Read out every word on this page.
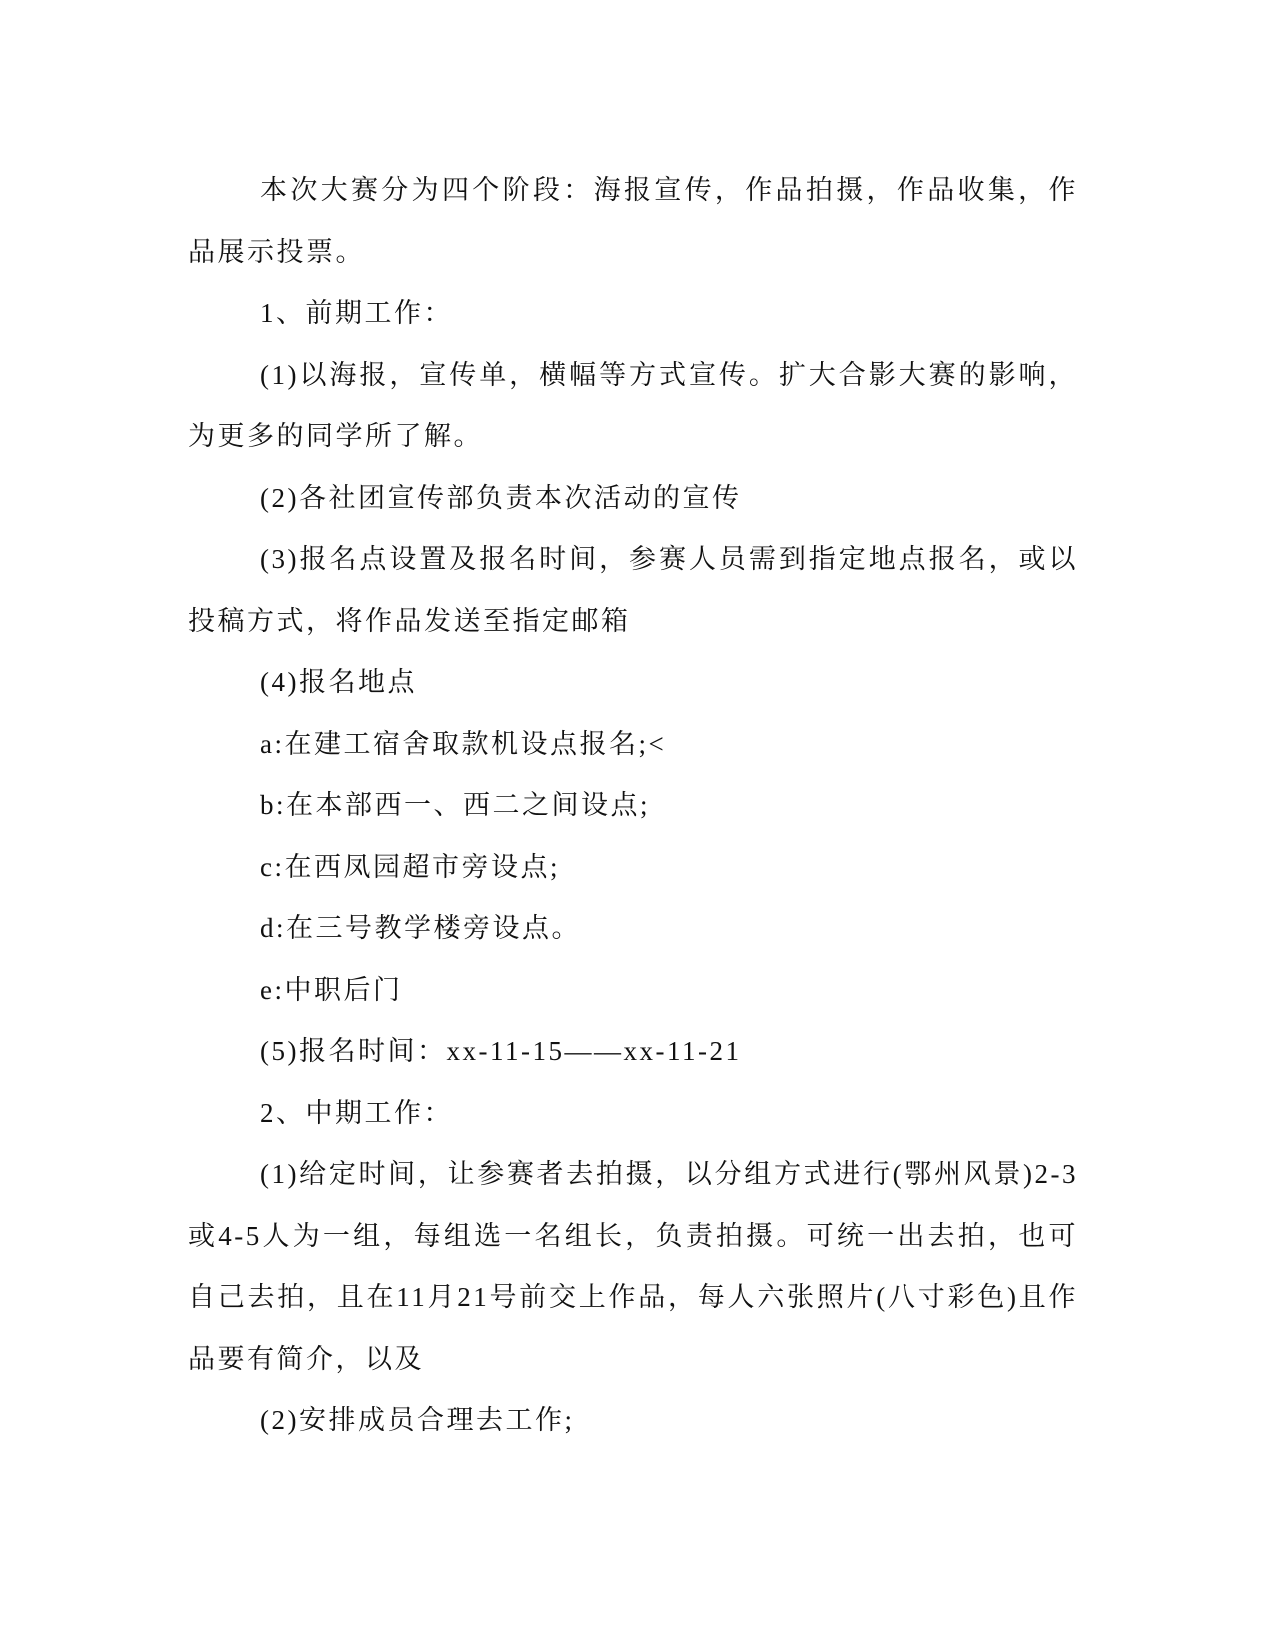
本次大赛分为四个阶段：海报宣传，作品拍摄，作品收集，作品展示投票。

1、前期工作：

(1)以海报，宣传单，横幅等方式宣传。扩大合影大赛的影响，为更多的同学所了解。

(2)各社团宣传部负责本次活动的宣传

(3)报名点设置及报名时间，参赛人员需到指定地点报名，或以投稿方式，将作品发送至指定邮箱

(4)报名地点

a:在建工宿舍取款机设点报名;<

b:在本部西一、西二之间设点;

c:在西凤园超市旁设点;

d:在三号教学楼旁设点。

e:中职后门

(5)报名时间：xx-11-15——xx-11-21

2、中期工作：

(1)给定时间，让参赛者去拍摄，以分组方式进行(鄂州风景)2-3或4-5人为一组，每组选一名组长，负责拍摄。可统一出去拍，也可自己去拍，且在11月21号前交上作品，每人六张照片(八寸彩色)且作品要有简介，以及

(2)安排成员合理去工作;
